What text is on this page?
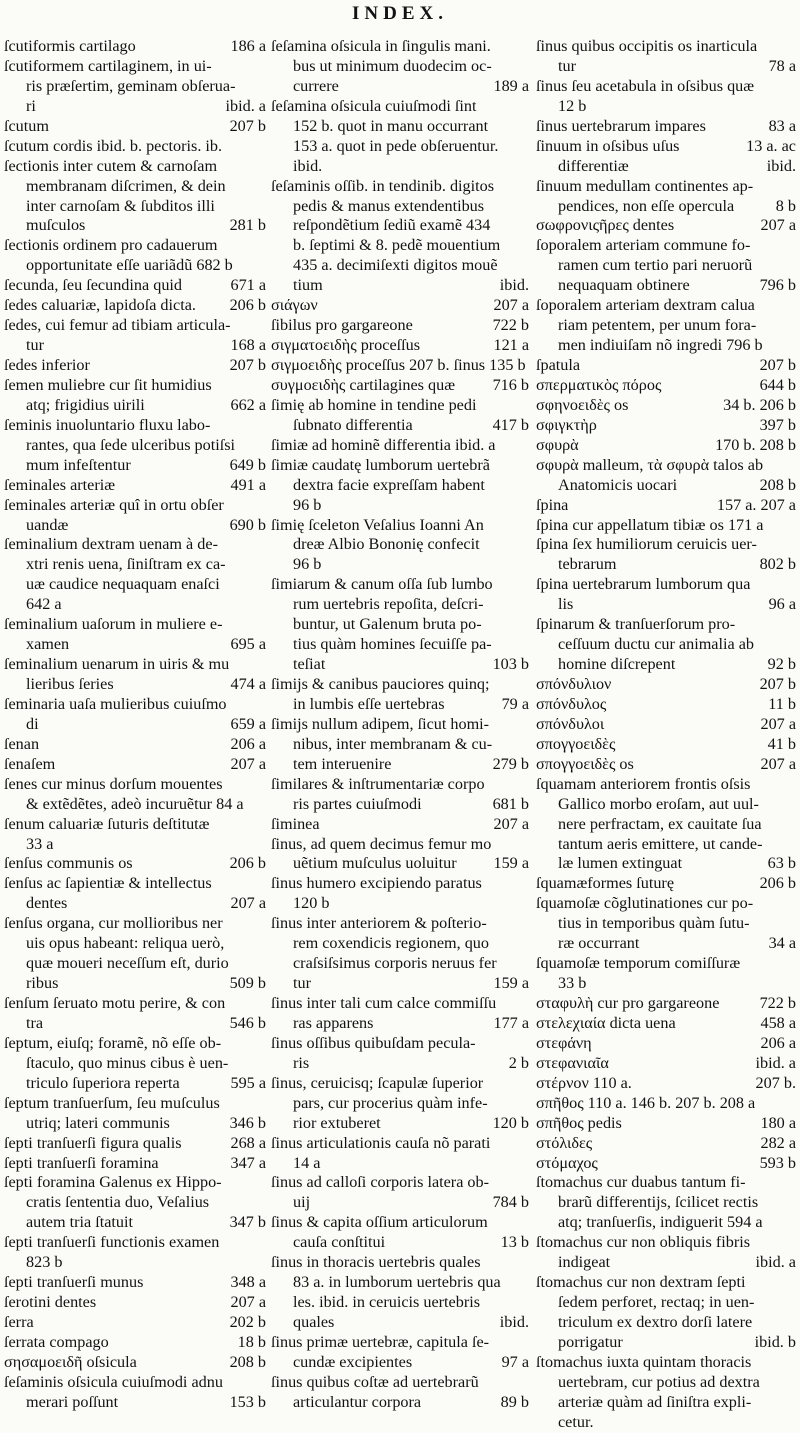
INDEX.
ſcutiformis cartilago	186 a
ſcutiformem cartilaginem, in ui-
ris præſertim, geminam obſerua-
ri	ibid. a
ſcutum	207 b
ſcutum cordis ibid. b. pectoris. ib.
ſectionis inter cutem & carnoſam
membranam diſcrimen, & dein
inter carnoſam & ſubditos illi
muſculos	281 b
ſectionis ordinem pro cadauerum
opportunitate eſſe uariãdũ 682 b
ſecunda, ſeu ſecundina quid	671 a
ſedes caluariæ, lapidoſa dicta. 206 b
ſedes, cui femur ad tibiam articula-
tur	168 a
ſedes inferior	207 b
ſemen muliebre cur ſit humidius
atq; frigidius uirili	662 a
ſeminis inuoluntario fluxu labo-
rantes, qua ſede ulceribus potiſsi
mum infeſtentur	649 b
ſeminales arteriæ	491 a
ſeminales arteriæ quî in ortu obſer
uandæ	690 b
ſeminalium dextram uenam à de-
xtri renis uena, ſiniſtram ex ca-
uæ caudice nequaquam enaſci
642 a
ſeminalium uaſorum in muliere e-
xamen	695 a
ſeminalium uenarum in uiris & mu
lieribus ſeries	474 a
ſeminaria uaſa mulieribus cuiuſmo
di	659 a
ſenan	206 a
ſenaſem	207 a
ſenes cur minus dorſum mouentes
& extẽdẽtes, adeò incuruẽtur 84 a
ſenum caluariæ ſuturis deſtitutæ
33 a
ſenſus communis os	206 b
ſenſus ac ſapientiæ & intellectus
dentes	207 a
ſenſus organa, cur mollioribus ner
uis opus habeant: reliqua uerò,
quæ moueri neceſſum eſt, durio
ribus	509 b
ſenſum ſeruato motu perire, & con
tra	546 b
ſeptum, eiuſq; foramẽ, nõ eſſe ob-
ſtaculo, quo minus cibus è uen-
triculo ſuperiora reperta	595 a
ſeptum tranſuerſum, ſeu muſculus
utriq; lateri communis	346 b
ſepti tranſuerſi figura qualis	268 a
ſepti tranſuerſi foramina	347 a
ſepti foramina Galenus ex Hippo-
cratis ſententia duo, Veſalius
autem tria ſtatuit	347 b
ſepti tranſuerſi functionis examen
823 b
ſepti tranſuerſi munus	348 a
ſerotini dentes	207 a
ſerra	202 b
ſerrata compago	18 b
σησαμοειδῆ oſsicula	208 b
ſeſaminis oſsicula cuiuſmodi adnu
merari poſſunt	153 b
ſeſamina oſsicula in ſingulis mani.
bus ut minimum duodecim oc-
currere	189 a
ſeſamina oſsicula cuiuſmodi ſint
152 b. quot in manu occurrant
153 a. quot in pede obſeruentur.
ibid.
ſeſaminis oſſib. in tendinib. digitos
pedis & manus extendentibus
reſpondẽtium ſediũ examẽ 434
b. ſeptimi & 8. pedẽ mouentium
435 a. decimiſexti digitos mouẽ
tium	ibid.
σιάγων	207 a
ſibilus pro gargareone	722 b
σιγματοειδὴς proceſſus	121 a
σιγμοειδὴς proceſſus 207 b. ſinus 135 b
συγμοειδὴς cartilagines quæ 716 b
ſimię ab homine in tendine pedi
ſubnato differentia	417 b
ſimiæ ad hominẽ differentia ibid. a
ſimiæ caudatę lumborum uertebrã
dextra facie expreſſam habent
96 b
ſimię ſceleton Veſalius Ioanni An
dreæ Albio Bononię confecit
96 b
ſimiarum & canum oſſa ſub lumbo
rum uertebris repoſita, deſcri-
buntur, ut Galenum bruta po-
tius quàm homines ſecuiſſe pa-
teſiat	103 b
ſimijs & canibus pauciores quinq;
in lumbis eſſe uertebras	79 a
ſimijs nullum adipem, ſicut homi-
nibus, inter membranam & cu-
tem interuenire	279 b
ſimilares & inſtrumentariæ corpo
ris partes cuiuſmodi	681 b
ſiminea	207 a
ſinus, ad quem decimus femur mo
uẽtium muſculus uoluitur 159 a
ſinus humero excipiendo paratus
120 b
ſinus inter anteriorem & poſterio-
rem coxendicis regionem, quo
craſsiſsimus corporis neruus fer
tur	159 a
ſinus inter tali cum calce commiſſu
ras apparens	177 a
ſinus oſſibus quibuſdam pecula-
ris	2 b
ſinus, ceruicisq; ſcapulæ ſuperior
pars, cur procerius quàm infe-
rior extuberet	120 b
ſinus articulationis cauſa nõ parati
14 a
ſinus ad calloſi corporis latera ob-
uij	784 b
ſinus & capita oſſium articulorum
cauſa conſtitui	13 b
ſinus in thoracis uertebris quales
83 a. in lumborum uertebris qua
les. ibid. in ceruicis uertebris
quales	ibid.
ſinus primæ uertebræ, capitula ſe-
cundæ excipientes	97 a
ſinus quibus coſtæ ad uertebrarũ
articulantur corpora	89 b
ſinus quibus occipitis os inarticula
tur	78 a
ſinus ſeu acetabula in oſsibus quæ
12 b
ſinus uertebrarum impares	83 a
ſinuum in oſsibus uſus	13 a. ac
differentiæ	ibid.
ſinuum medullam continentes ap-
pendices, non eſſe opercula	8 b
σωφρονιςῆρες dentes	207 a
ſoporalem arteriam commune fo-
ramen cum tertio pari neruorũ
nequaquam obtinere	796 b
ſoporalem arteriam dextram calua
riam petentem, per unum fora-
men indiuiſam nõ ingredi 796 b
ſpatula	207 b
σπερματικὸς πόρος	644 b
σφηνοειδὲς os	34 b. 206 b
σφιγκτὴρ	397 b
σφυρὰ	170 b. 208 b
σφυρὰ malleum, τὰ σφυρὰ talos ab
Anatomicis uocari	208 b
ſpina	157 a. 207 a
ſpina cur appellatum tibiæ os 171 a
ſpina ſex humiliorum ceruicis uer-
tebrarum	802 b
ſpina uertebrarum lumborum qua
lis	96 a
ſpinarum & tranſuerſorum pro-
ceſſuum ductu cur animalia ab
homine diſcrepent	92 b
σπόνδυλιον	207 b
σπόνδυλος	11 b
σπόνδυλοι	207 a
σπογγοειδὲς	41 b
σπογγοειδὲς os	207 a
ſquamam anteriorem frontis oſsis
Gallico morbo eroſam, aut uul-
nere perfractam, ex cauitate ſua
tantum aeris emittere, ut cande-
læ lumen extinguat	63 b
ſquamæformes ſuturę	206 b
ſquamoſæ cõglutinationes cur po-
tius in temporibus quàm ſutu-
ræ occurrant	34 a
ſquamoſæ temporum comiſſuræ
33 b
σταφυλὴ cur pro gargareone 722 b
στελεχιαία dicta uena	458 a
στεφάνη	206 a
στεφανιαῖα	ibid. a
στέρνον 110 a.	207 b.
σπῆθος 110 a. 146 b. 207 b. 208 a
σπῆθος pedis	180 a
στόλιδες	282 a
στόμαχος	593 b
ſtomachus cur duabus tantum fi-
brarũ differentijs, ſcilicet rectis
atq; tranſuerſis, indiguerit 594 a
ſtomachus cur non obliquis fibris
indigeat	ibid. a
ſtomachus cur non dextram ſepti
ſedem perforet, rectaq; in uen-
triculum ex dextro dorſi latere
porrigatur	ibid. b
ſtomachus iuxta quintam thoracis
uertebram, cur potius ad dextra
arteriæ quàm ad ſiniſtra expli-
cetur.
